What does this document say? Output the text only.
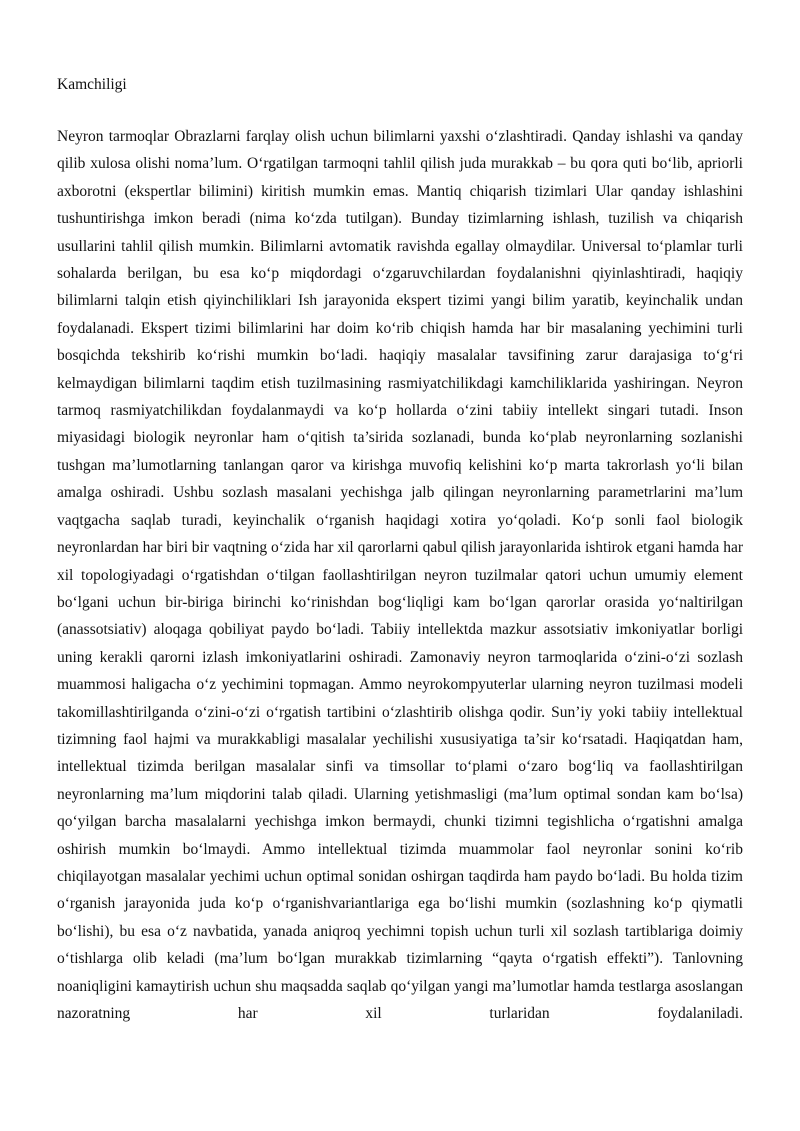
Kamchiligi

Neyron tarmoqlar Obrazlarni farqlay olish uchun bilimlarni yaxshi o‘zlashtiradi. Qanday ishlashi va qanday qilib xulosa olishi noma’lum. O‘rgatilgan tarmoqni tahlil qilish juda murakkab – bu qora quti bo‘lib, apriorli axborotni (ekspertlar bilimini) kiritish mumkin emas. Mantiq chiqarish tizimlari Ular qanday ishlashini tushuntirishga imkon beradi (nima ko‘zda tutilgan). Bunday tizimlarning ishlash, tuzilish va chiqarish usullarini tahlil qilish mumkin. Bilimlarni avtomatik ravishda egallay olmaydilar. Universal to‘plamlar turli sohalarda berilgan, bu esa ko‘p miqdordagi o‘zgaruvchilardan foydalanishni qiyinlashtiradi, haqiqiy bilimlarni talqin etish qiyinchiliklari Ish jarayonida ekspert tizimi yangi bilim yaratib, keyinchalik undan foydalanadi. Ekspert tizimi bilimlarini har doim ko‘rib chiqish hamda har bir masalaning yechimini turli bosqichda tekshirib ko‘rishi mumkin bo‘ladi. haqiqiy masalalar tavsifining zarur darajasiga to‘g‘ri kelmaydigan bilimlarni taqdim etish tuzilmasining rasmiyatchilikdagi kamchiliklarida yashiringan. Neyron tarmoq rasmiyatchilikdan foydalanmaydi va ko‘p hollarda o‘zini tabiiy intellekt singari tutadi. Inson miyasidagi biologik neyronlar ham o‘qitish ta’sirida sozlanadi, bunda ko‘plab neyronlarning sozlanishi tushgan ma’lumotlarning tanlangan qaror va kirishga muvofiq kelishini ko‘p marta takrorlash yo‘li bilan amalga oshiradi. Ushbu sozlash masalani yechishga jalb qilingan neyronlarning parametrlarini ma’lum vaqtgacha saqlab turadi, keyinchalik o‘rganish haqidagi xotira yo‘qoladi. Ko‘p sonli faol biologik neyronlardan har biri bir vaqtning o‘zida har xil qarorlarni qabul qilish jarayonlarida ishtirok etgani hamda har xil topologiyadagi o‘rgatishdan o‘tilgan faollashtirilgan neyron tuzilmalar qatori uchun umumiy element bo‘lgani uchun bir-biriga birinchi ko‘rinishdan bog‘liqligi kam bo‘lgan qarorlar orasida yo‘naltirilgan (anassotsiativ) aloqaga qobiliyat paydo bo‘ladi. Tabiiy intellektda mazkur assotsiativ imkoniyatlar borligi uning kerakli qarorni izlash imkoniyatlarini oshiradi. Zamonaviy neyron tarmoqlarida o‘zini-o‘zi sozlash muammosi haligacha o‘z yechimini topmagan. Ammo neyrokompyuterlar ularning neyron tuzilmasi modeli takomillashtirilganda o‘zini-o‘zi o‘rgatish tartibini o‘zlashtirib olishga qodir. Sun’iy yoki tabiiy intellektual tizimning faol hajmi va murakkabligi masalalar yechilishi xususiyatiga ta’sir ko‘rsatadi. Haqiqatdan ham, intellektual tizimda berilgan masalalar sinfi va timsollar to‘plami o‘zaro bog‘liq va faollashtirilgan neyronlarning ma’lum miqdorini talab qiladi. Ularning yetishmasligi (ma’lum optimal sondan kam bo‘lsa) qo‘yilgan barcha masalalarni yechishga imkon bermaydi, chunki tizimni tegishlicha o‘rgatishni amalga oshirish mumkin bo‘lmaydi. Ammo intellektual tizimda muammolar faol neyronlar sonini ko‘rib chiqilayotgan masalalar yechimi uchun optimal sonidan oshirgan taqdirda ham paydo bo‘ladi. Bu holda tizim o‘rganish jarayonida juda ko‘p o‘rganishvariantlariga ega bo‘lishi mumkin (sozlashning ko‘p qiymatli bo‘lishi), bu esa o‘z navbatida, yanada aniqroq yechimni topish uchun turli xil sozlash tartiblariga doimiy o‘tishlarga olib keladi (ma’lum bo‘lgan murakkab tizimlarning “qayta o‘rgatish effekti”). Tanlovning noaniqligini kamaytirish uchun shu maqsadda saqlab qo‘yilgan yangi ma’lumotlar hamda testlarga asoslangan nazoratning har xil turlaridan foydalaniladi.
